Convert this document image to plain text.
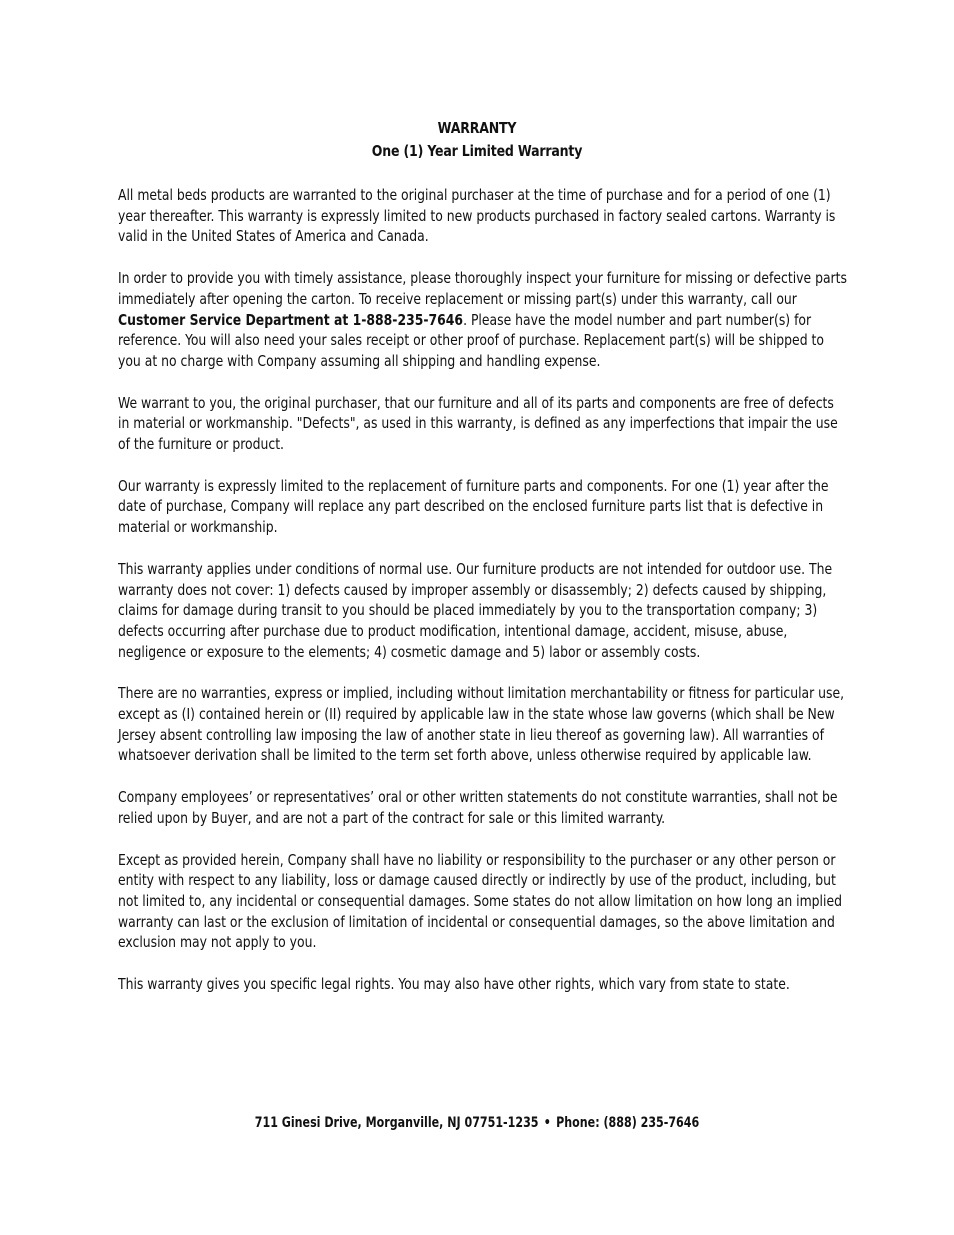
WARRANTY
One (1) Year Limited Warranty

All metal beds products are warranted to the original purchaser at the time of purchase and for a period of one (1) year thereafter. This warranty is expressly limited to new products purchased in factory sealed cartons. Warranty is valid in the United States of America and Canada.

In order to provide you with timely assistance, please thoroughly inspect your furniture for missing or defective parts immediately after opening the carton. To receive replacement or missing part(s) under this warranty, call our Customer Service Department at 1-888-235-7646. Please have the model number and part number(s) for reference. You will also need your sales receipt or other proof of purchase. Replacement part(s) will be shipped to you at no charge with Company assuming all shipping and handling expense.

We warrant to you, the original purchaser, that our furniture and all of its parts and components are free of defects in material or workmanship. "Defects", as used in this warranty, is defined as any imperfections that impair the use of the furniture or product.

Our warranty is expressly limited to the replacement of furniture parts and components. For one (1) year after the date of purchase, Company will replace any part described on the enclosed furniture parts list that is defective in material or workmanship.

This warranty applies under conditions of normal use. Our furniture products are not intended for outdoor use. The warranty does not cover: 1) defects caused by improper assembly or disassembly; 2) defects caused by shipping, claims for damage during transit to you should be placed immediately by you to the transportation company; 3) defects occurring after purchase due to product modification, intentional damage, accident, misuse, abuse, negligence or exposure to the elements; 4) cosmetic damage and 5) labor or assembly costs.

There are no warranties, express or implied, including without limitation merchantability or fitness for particular use, except as (I) contained herein or (II) required by applicable law in the state whose law governs (which shall be New Jersey absent controlling law imposing the law of another state in lieu thereof as governing law). All warranties of whatsoever derivation shall be limited to the term set forth above, unless otherwise required by applicable law.

Company employees’ or representatives’ oral or other written statements do not constitute warranties, shall not be relied upon by Buyer, and are not a part of the contract for sale or this limited warranty.

Except as provided herein, Company shall have no liability or responsibility to the purchaser or any other person or entity with respect to any liability, loss or damage caused directly or indirectly by use of the product, including, but not limited to, any incidental or consequential damages. Some states do not allow limitation on how long an implied warranty can last or the exclusion of limitation of incidental or consequential damages, so the above limitation and exclusion may not apply to you.

This warranty gives you specific legal rights. You may also have other rights, which vary from state to state.

711 Ginesi Drive, Morganville, NJ 07751-1235 • Phone: (888) 235-7646
